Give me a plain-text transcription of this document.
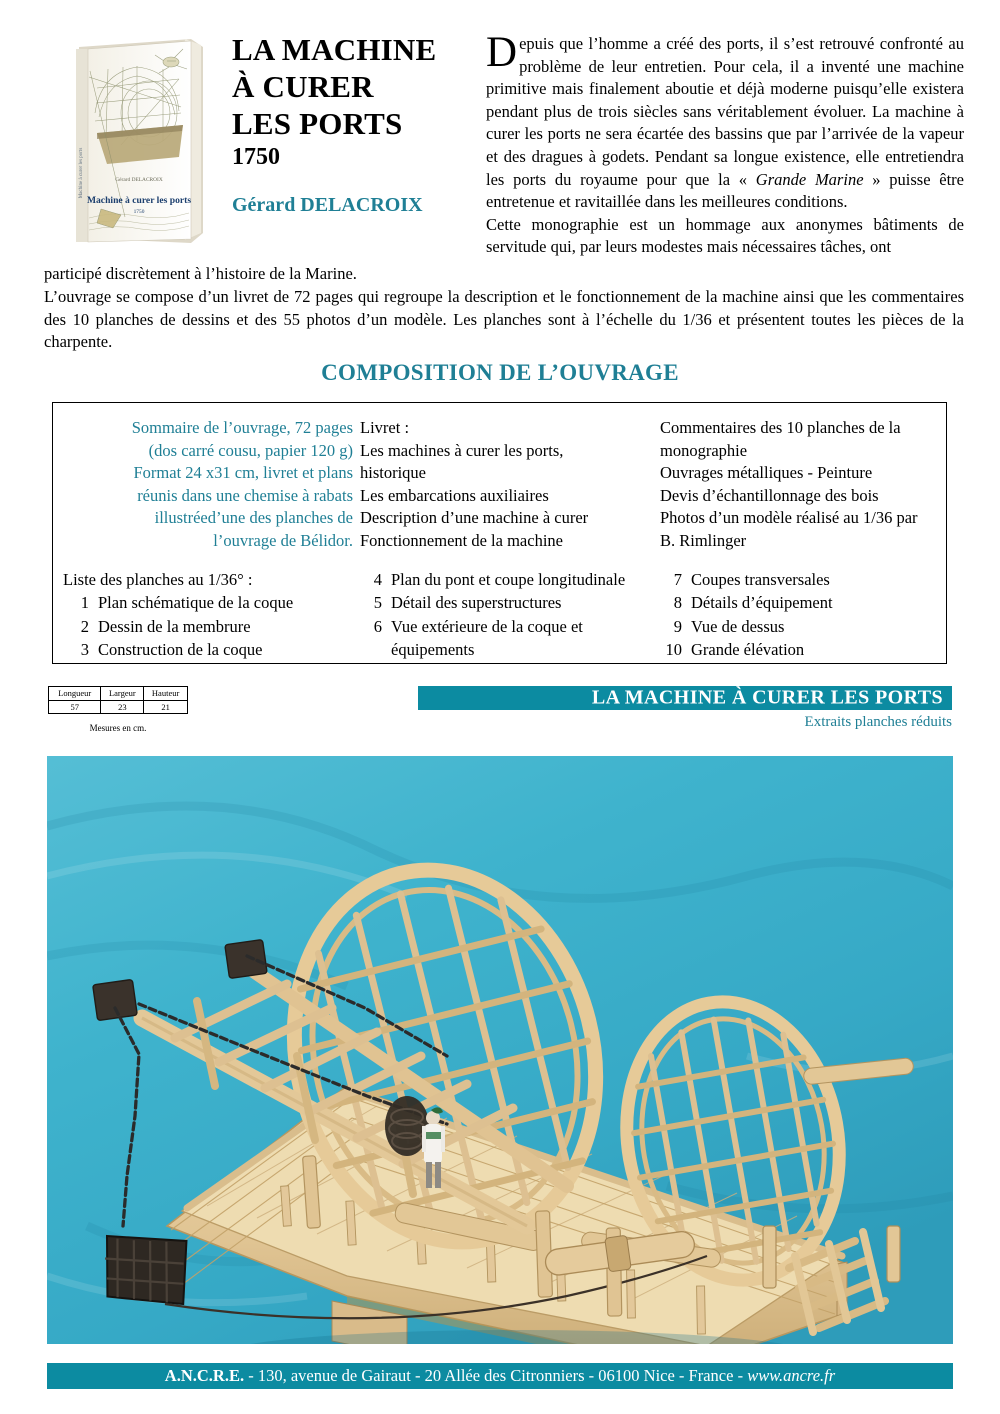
Machine à curer les ports	Gérard DELACROIX
Machine à curer les ports
1750
LA MACHINE
À CURER
LES PORTS
1750
Gérard DELACROIX

Depuis que l’homme a créé des ports, il s’est retrouvé confronté au problème de leur entretien. Pour cela, il a inventé une machine primitive mais finalement aboutie et déjà moderne puisqu’elle existera pendant plus de trois siècles sans véritablement évoluer. La machine à curer les ports ne sera écartée des bassins que par l’arrivée de la vapeur et des dragues à godets. Pendant sa longue existence, elle entretiendra les ports du royaume pour que la « Grande Marine » puisse être entretenue et ravitaillée dans les meilleures conditions.

Cette monographie est un hommage aux anonymes bâtiments de servitude qui, par leurs modestes mais nécessaires tâches, ont

participé discrètement à l’histoire de la Marine.

L’ouvrage se compose d’un livret de 72 pages qui regroupe la description et le fonctionnement de la machine ainsi que les commentaires des 10 planches de dessins et des 55 photos d’un modèle. Les planches sont à l’échelle du 1/36 et présentent toutes les pièces de la charpente.

COMPOSITION DE L’OUVRAGE
Sommaire de l’ouvrage, 72 pages
(dos carré cousu, papier 120 g)
Format 24 x31 cm, livret et plans
réunis dans une chemise à rabats
illustréed’une des planches de
l’ouvrage de Bélidor.
Livret :
Les machines à curer les ports,
historique
Les embarcations auxiliaires
Description d’une machine à curer
Fonctionnement de la machine
Commentaires des 10 planches de la
monographie
Ouvrages métalliques - Peinture
Devis d’échantillonnage des bois
Photos d’un modèle réalisé au 1/36 par
B. Rimlinger
Liste des planches au 1/36° :
1 Plan schématique de la coque
2 Dessin de la membrure
3 Construction de la coque
4 Plan du pont et coupe longitudinale
5 Détail des superstructures
6 Vue extérieure de la coque et
équipements
7 Coupes transversales
8 Détails d’équipement
9 Vue de dessus
10 Grande élévation
Longueur	Largeur	Hauteur
57	23	21
Mesures en cm.
LA MACHINE À CURER LES PORTS
Extraits planches réduits
A.N.C.R.E. - 130, avenue de Gairaut - 20 Allée des Citronniers - 06100 Nice - France - www.ancre.fr
